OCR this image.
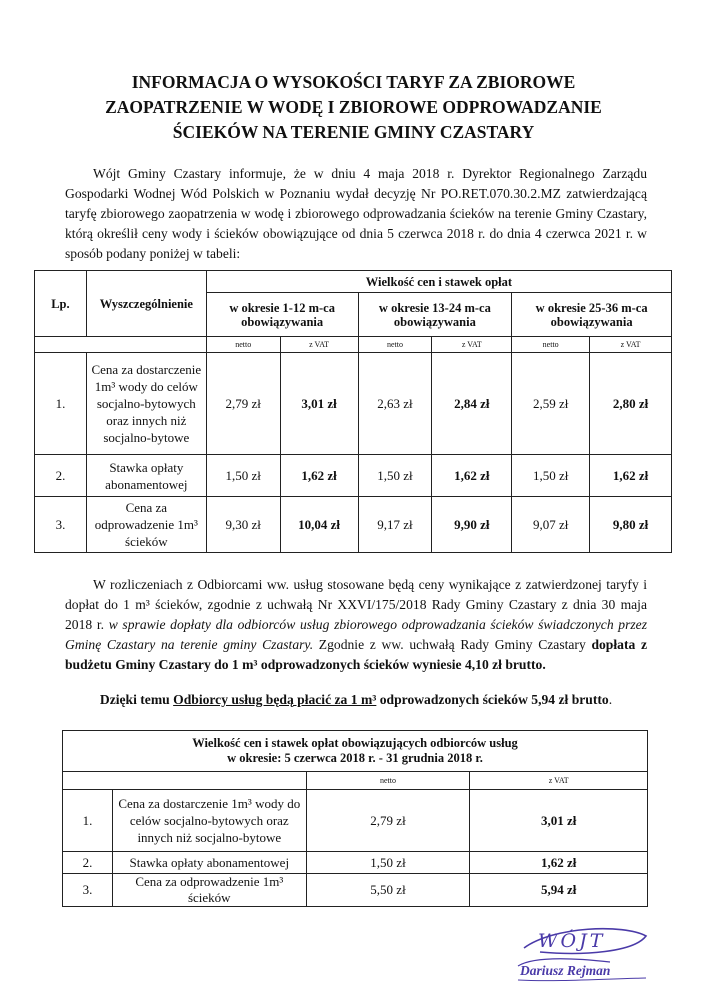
INFORMACJA O WYSOKOŚCI TARYF ZA ZBIOROWE
ZAOPATRZENIE W WODĘ I ZBIOROWE ODPROWADZANIE
ŚCIEKÓW NA TERENIE GMINY CZASTARY
Wójt Gminy Czastary informuje, że w dniu 4 maja 2018 r. Dyrektor Regionalnego Zarządu Gospodarki Wodnej Wód Polskich w Poznaniu wydał decyzję Nr PO.RET.070.30.2.MZ zatwierdzającą taryfę zbiorowego zaopatrzenia w wodę i zbiorowego odprowadzania ścieków na terenie Gminy Czastary, którą określił ceny wody i ścieków obowiązujące od dnia 5 czerwca 2018 r. do dnia 4 czerwca 2021 r. w sposób podany poniżej w tabeli:
Lp.	Wyszczególnienie	Wielkość cen i stawek opłat					
		w okresie 1-12 m-ca obowiązywania		w okresie 13-24 m-ca obowiązywania		w okresie 25-36 m-ca obowiązywania	
		netto	z VAT	netto	z VAT	netto	z VAT
1.	Cena za dostarczenie 1m³ wody do celów socjalno-bytowych oraz innych niż socjalno-bytowe	2,79 zł	3,01 zł	2,63 zł	2,84 zł	2,59 zł	2,80 zł
2.	Stawka opłaty abonamentowej	1,50 zł	1,62 zł	1,50 zł	1,62 zł	1,50 zł	1,62 zł
3.	Cena za odprowadzenie 1m³ ścieków	9,30 zł	10,04 zł	9,17 zł	9,90 zł	9,07 zł	9,80 zł
W rozliczeniach z Odbiorcami ww. usług stosowane będą ceny wynikające z zatwierdzonej taryfy i dopłat do 1 m³ ścieków, zgodnie z uchwałą Nr XXVI/175/2018 Rady Gminy Czastary z dnia 30 maja 2018 r. w sprawie dopłaty dla odbiorców usług zbiorowego odprowadzania ścieków świadczonych przez Gminę Czastary na terenie gminy Czastary. Zgodnie z ww. uchwałą Rady Gminy Czastary dopłata z budżetu Gminy Czastary do 1 m³ odprowadzonych ścieków wyniesie 4,10 zł brutto.
Dzięki temu Odbiorcy usług będą płacić za 1 m³ odprowadzonych ścieków 5,94 zł brutto.
Wielkość cen i stawek opłat obowiązujących odbiorców usług
w okresie: 5 czerwca 2018 r. - 31 grudnia 2018 r.			

		netto	z VAT
1.	Cena za dostarczenie 1m³ wody do celów socjalno-bytowych oraz innych niż socjalno-bytowe	2,79 zł	3,01 zł
2.	Stawka opłaty abonamentowej	1,50 zł	1,62 zł
3.	Cena za odprowadzenie 1m³ ścieków	5,50 zł	5,94 zł
WÓJT
Dariusz Rejman
